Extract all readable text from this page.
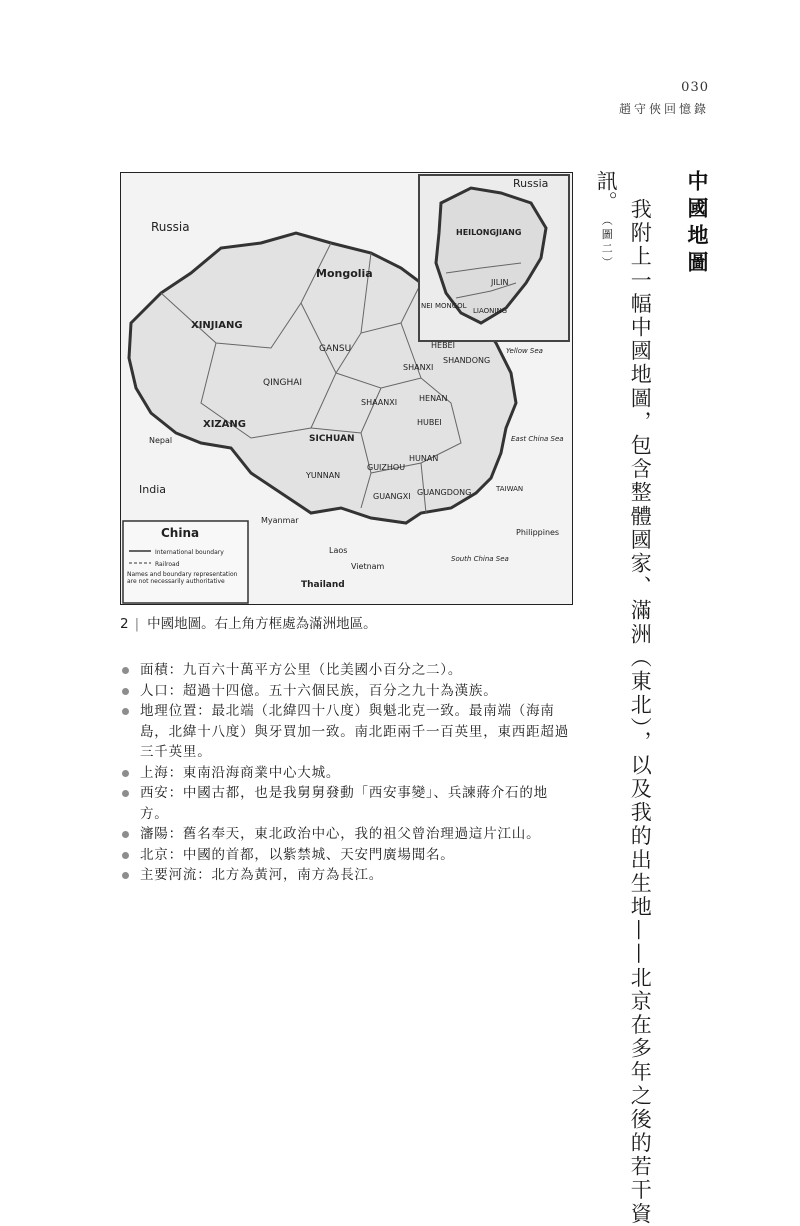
030
趙守俠回憶錄
中國地圖
我附上一幅中國地圖，包含整體國家、滿洲（東北），以及我的出生地——北京在多年之後的若干資
訊。（圖二）
Russia
Russia
Mongolia
XINJIANG
GANSU
QINGHAI
XIZANG
SICHUAN
SHAANXI
SHANXI
HEBEI
SHANDONG
HENAN
HUBEI
GUIZHOU
HUNAN
YUNNAN
GUANGXI GUANGDONG	TAIWAN
India
Nepal
Myanmar
Laos
Vietnam
Thailand
Philippines
East China Sea
South China Sea
Yellow Sea
HEILONGJIANG
JILIN
LIAONING
NEI MONGOL
China
International boundary
Railroad
Names and boundary representation are not necessarily authoritative
2 | 中國地圖。右上角方框處為滿洲地區。
面積：九百六十萬平方公里（比美國小百分之二）。
人口：超過十四億。五十六個民族，百分之九十為漢族。
地理位置：最北端（北緯四十八度）與魁北克一致。最南端（海南島，北緯十八度）與牙買加一致。南北距兩千一百英里，東西距超過三千英里。
上海：東南沿海商業中心大城。
西安：中國古都，也是我舅舅發動「西安事變」、兵諫蔣介石的地方。
瀋陽：舊名奉天，東北政治中心，我的祖父曾治理過這片江山。
北京：中國的首都，以紫禁城、天安門廣場聞名。
主要河流：北方為黃河，南方為長江。
